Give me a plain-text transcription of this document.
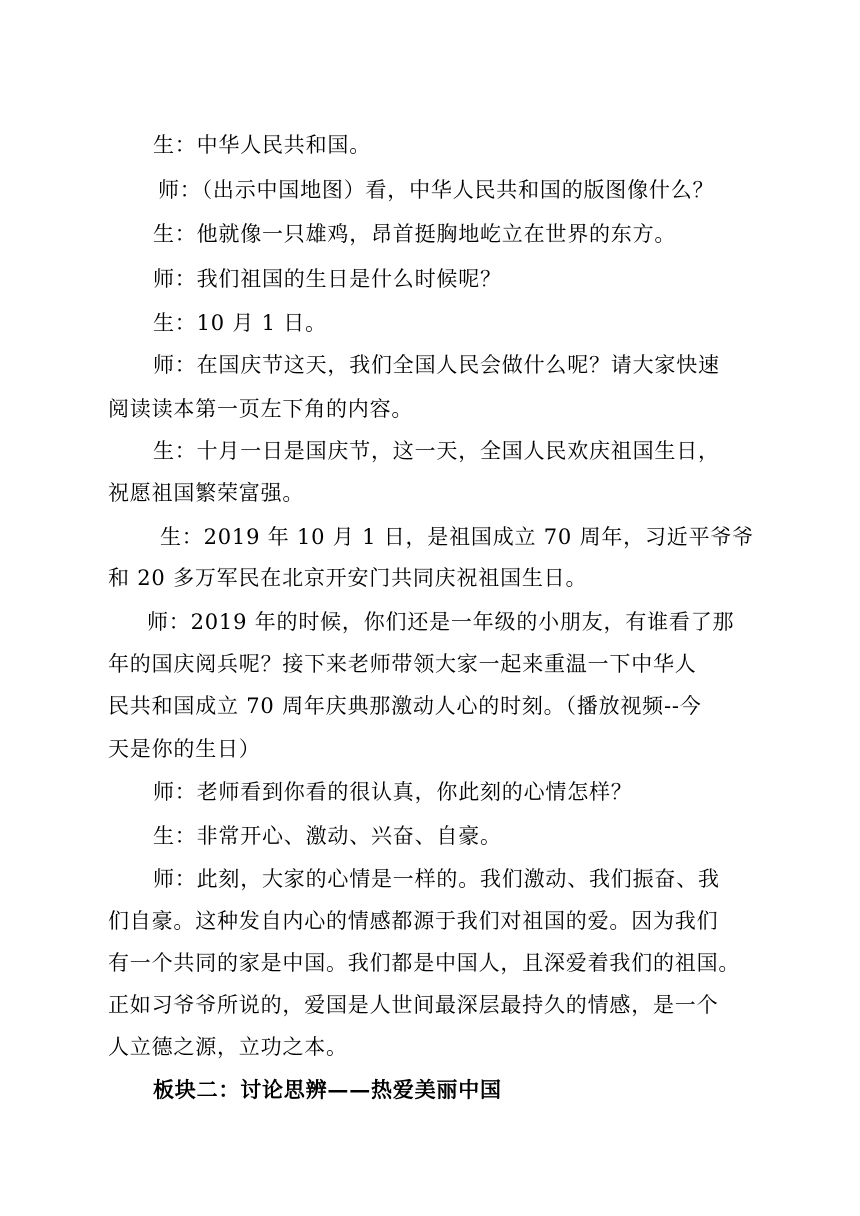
生：中华人民共和国。
师：（出示中国地图）看，中华人民共和国的版图像什么？
生：他就像一只雄鸡，昂首挺胸地屹立在世界的东方。
师：我们祖国的生日是什么时候呢？
生：10 月 1 日。
师：在国庆节这天，我们全国人民会做什么呢？请大家快速
阅读读本第一页左下角的内容。
生：十月一日是国庆节，这一天，全国人民欢庆祖国生日，
祝愿祖国繁荣富强。
生：2019 年 10 月 1 日，是祖国成立 70 周年，习近平爷爷
和 20 多万军民在北京开安门共同庆祝祖国生日。
师：2019 年的时候，你们还是一年级的小朋友，有谁看了那
年的国庆阅兵呢？接下来老师带领大家一起来重温一下中华人
民共和国成立 70 周年庆典那激动人心的时刻。（播放视频--今
天是你的生日）
师：老师看到你看的很认真，你此刻的心情怎样？
生：非常开心、激动、兴奋、自豪。
师：此刻，大家的心情是一样的。我们激动、我们振奋、我
们自豪。这种发自内心的情感都源于我们对祖国的爱。因为我们
有一个共同的家是中国。我们都是中国人，且深爱着我们的祖国。
正如习爷爷所说的，爱国是人世间最深层最持久的情感，是一个
人立德之源，立功之本。
板块二：讨论思辨——热爱美丽中国
